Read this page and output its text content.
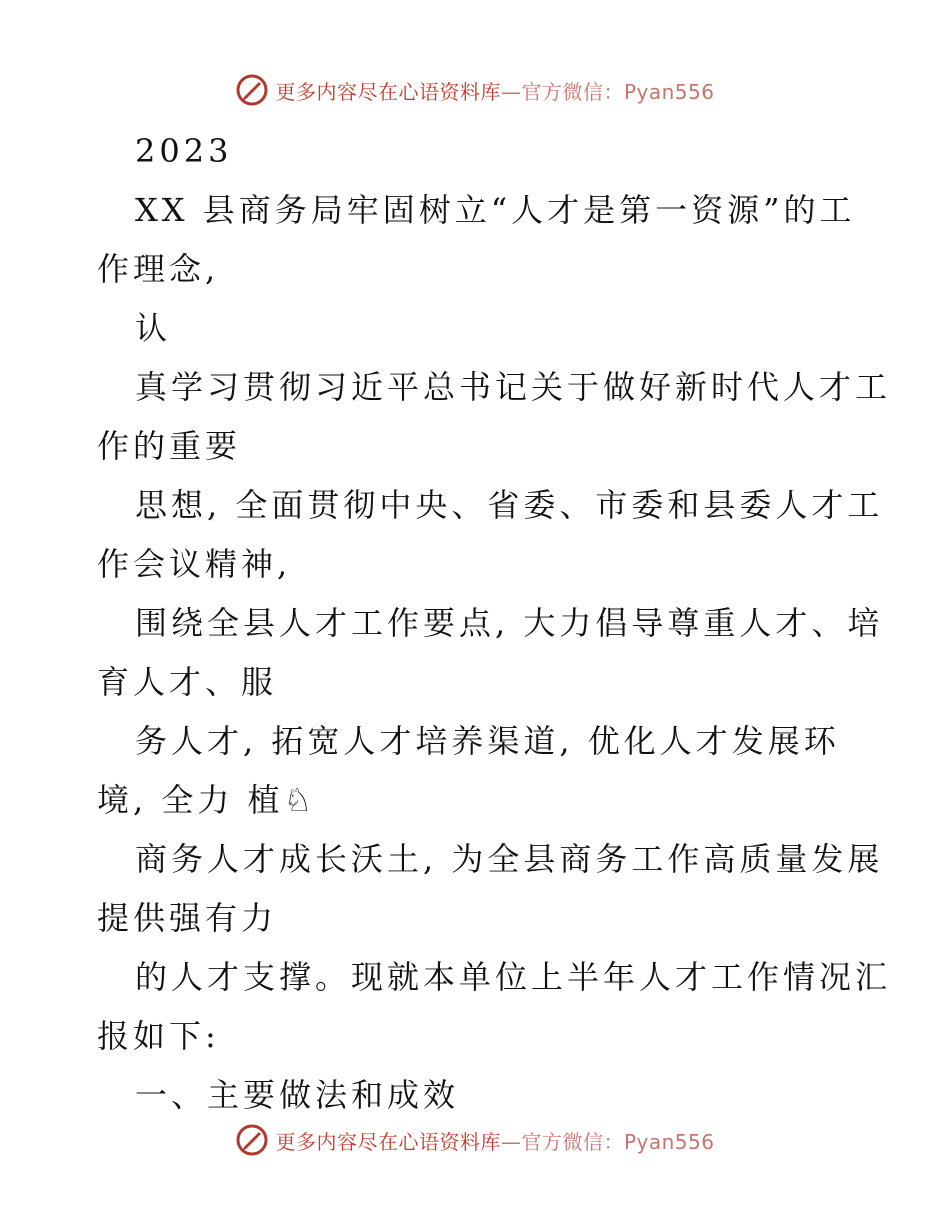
更多内容尽在心语资料库—官方微信：Pyan556
2023
XX 县商务局牢固树立“人才是第一资源”的工
作理念,
认
真学习贯彻习近平总书记关于做好新时代人才工
作的重要
思想, 全面贯彻中央、省委、市委和县委人才工
作会议精神,
围绕全县人才工作要点, 大力倡导尊重人才、培
育人才、服
务人才, 拓宽人才培养渠道, 优化人才发展环
境, 全力 植♘
商务人才成长沃土, 为全县商务工作高质量发展
提供强有力
的人才支撑。现就本单位上半年人才工作情况汇
报如下:
一、主要做法和成效
更多内容尽在心语资料库—官方微信：Pyan556
